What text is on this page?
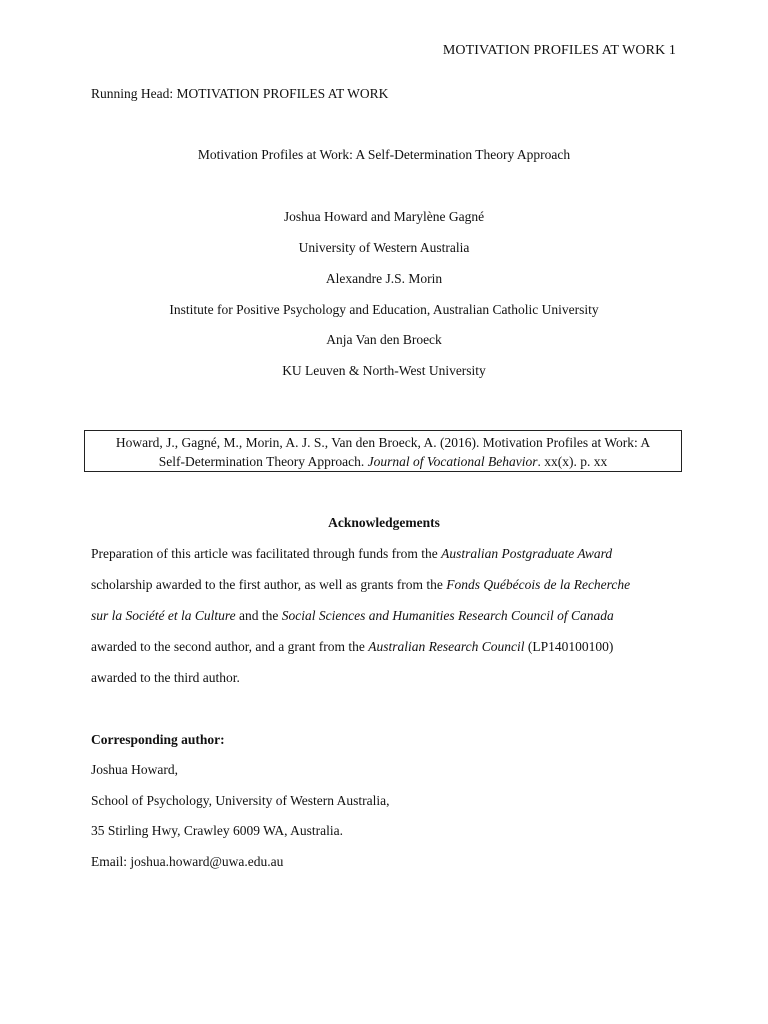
MOTIVATION PROFILES AT WORK 1
Running Head: MOTIVATION PROFILES AT WORK
Motivation Profiles at Work: A Self-Determination Theory Approach
Joshua Howard and Marylène Gagné
University of Western Australia
Alexandre J.S. Morin
Institute for Positive Psychology and Education, Australian Catholic University
Anja Van den Broeck
KU Leuven & North-West University
Howard, J., Gagné, M., Morin, A. J. S., Van den Broeck, A. (2016). Motivation Profiles at Work: A
Self-Determination Theory Approach. Journal of Vocational Behavior. xx(x). p. xx
Acknowledgements
Preparation of this article was facilitated through funds from the Australian Postgraduate Award
scholarship awarded to the first author, as well as grants from the Fonds Québécois de la Recherche
sur la Société et la Culture and the Social Sciences and Humanities Research Council of Canada
awarded to the second author, and a grant from the Australian Research Council (LP140100100)
awarded to the third author.
Corresponding author:
Joshua Howard,
School of Psychology, University of Western Australia,
35 Stirling Hwy, Crawley 6009 WA, Australia.
Email: joshua.howard@uwa.edu.au
